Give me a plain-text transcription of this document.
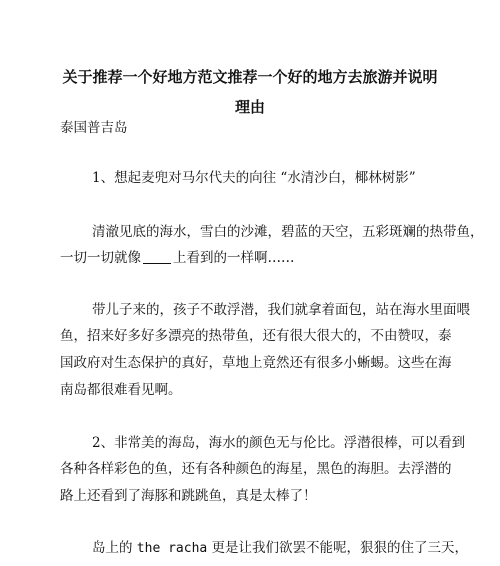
关于推荐一个好地方范文推荐一个好的地方去旅游并说明
理由

泰国普吉岛

1、想起麦兜对马尔代夫的向往 “水清沙白，椰林树影”

清澈见底的海水，雪白的沙滩，碧蓝的天空，五彩斑斓的热带鱼，

一切一切就像 上看到的一样啊……

带儿子来的，孩子不敢浮潜，我们就拿着面包，站在海水里面喂

鱼，招来好多好多漂亮的热带鱼，还有很大很大的，不由赞叹，泰

国政府对生态保护的真好，草地上竟然还有很多小蜥蜴。这些在海

南岛都很难看见啊。

2、非常美的海岛，海水的颜色无与伦比。浮潜很棒，可以看到

各种各样彩色的鱼，还有各种颜色的海星，黑色的海胆。去浮潜的

路上还看到了海豚和跳跳鱼，真是太棒了！

岛上的 the racha 更是让我们欲罢不能呢，狠狠的住了三天，
